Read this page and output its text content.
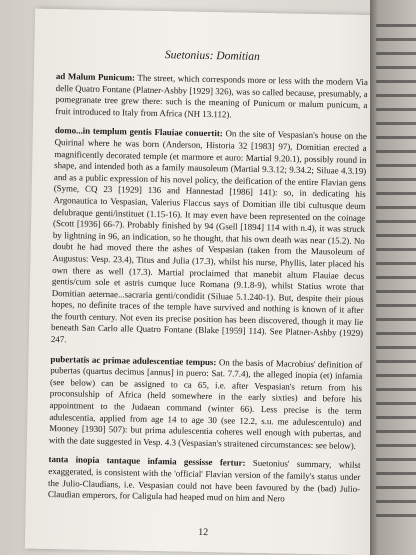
Suetonius: Domitian

ad Malum Punicum: The street, which corresponds more or less with the modern Via delle Quatro Fontane (Platner-Ashby [1929] 326), was so called because, presumably, a pomegranate tree grew there: such is the meaning of Punicum or malum punicum, a fruit introduced to Italy from Africa (NH 13.112).

domo...in templum gentis Flauiae conuertit: On the site of Vespasian's house on the Quirinal where he was born (Anderson, Historia 32 [1983] 97), Domitian erected a magnificently decorated temple (et marmore et auro: Martial 9.20.1), possibly round in shape, and intended both as a family mausoleum (Martial 9.3.12; 9.34.2; Siluae 4.3.19) and as a public expression of his novel policy, the deification of the entire Flavian gens (Syme, CQ 23 [1929] 136 and Hannestad [1986] 141): so, in dedicating his Argonautica to Vespasian, Valerius Flaccus says of Domitian ille tibi cultusque deum delubraque genti/instituet (1.15-16). It may even have been represented on the coinage (Scott [1936] 66-7). Probably finished by 94 (Gsell [1894] 114 with n.4), it was struck by lightning in 96, an indication, so he thought, that his own death was near (15.2). No doubt he had moved there the ashes of Vespasian (taken from the Mausoleum of Augustus: Vesp. 23.4), Titus and Julia (17.3), whilst his nurse, Phyllis, later placed his own there as well (17.3). Martial proclaimed that manebit altum Flauiae decus gentis/cum sole et astris cumque luce Romana (9.1.8-9), whilst Statius wrote that Domitian aeternae...sacraria genti/condidit (Siluae 5.1.240-1). But, despite their pious hopes, no definite traces of the temple have survived and nothing is known of it after the fourth century. Not even its precise position has been discovered, though it may lie beneath San Carlo alle Quatro Fontane (Blake [1959] 114). See Platner-Ashby (1929) 247.

pubertatis ac primae adulescentiae tempus: On the basis of Macrobius' definition of pubertas (quartus decimus [annus] in puero: Sat. 7.7.4), the alleged inopia (et) infamia (see below) can be assigned to ca 65, i.e. after Vespasian's return from his proconsulship of Africa (held somewhere in the early sixties) and before his appointment to the Judaean command (winter 66). Less precise is the term adulescentia, applied from age 14 to age 30 (see 12.2, s.u. me adulescentulo) and Mooney [1930] 507): but prima adulescentia coheres well enough with pubertas, and with the date suggested in Vesp. 4.3 (Vespasian's straitened circumstances: see below).

tanta inopia tantaque infamia gessisse fertur: Suetonius' summary, whilst exaggerated, is consistent with the 'official' Flavian version of the family's status under the Julio-Claudians, i.e. Vespasian could not have been favoured by the (bad) Julio-Claudian emperors, for Caligula had heaped mud on him and Nero

12
